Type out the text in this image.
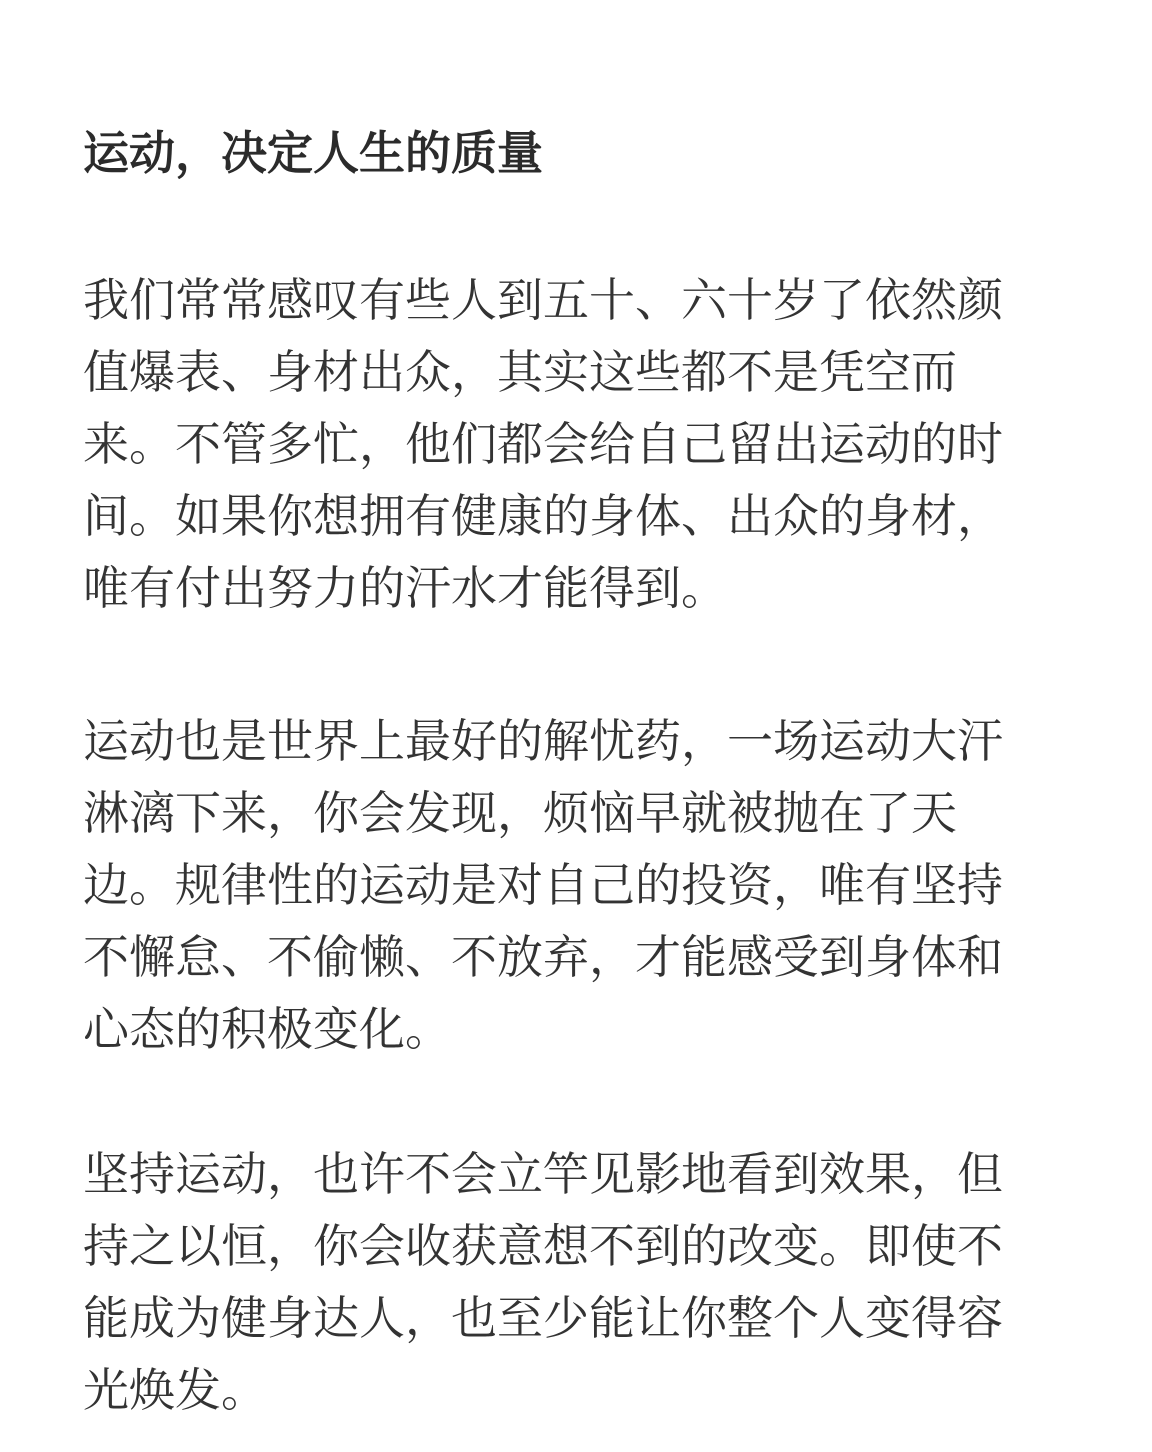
运动，决定人生的质量
我们常常感叹有些人到五十、六十岁了依然颜
值爆表、身材出众，其实这些都不是凭空而
来。不管多忙，他们都会给自己留出运动的时
间。如果你想拥有健康的身体、出众的身材，
唯有付出努力的汗水才能得到。
运动也是世界上最好的解忧药，一场运动大汗
淋漓下来，你会发现，烦恼早就被抛在了天
边。规律性的运动是对自己的投资，唯有坚持
不懈怠、不偷懒、不放弃，才能感受到身体和
心态的积极变化。
坚持运动，也许不会立竿见影地看到效果，但
持之以恒，你会收获意想不到的改变。即使不
能成为健身达人，也至少能让你整个人变得容
光焕发。
